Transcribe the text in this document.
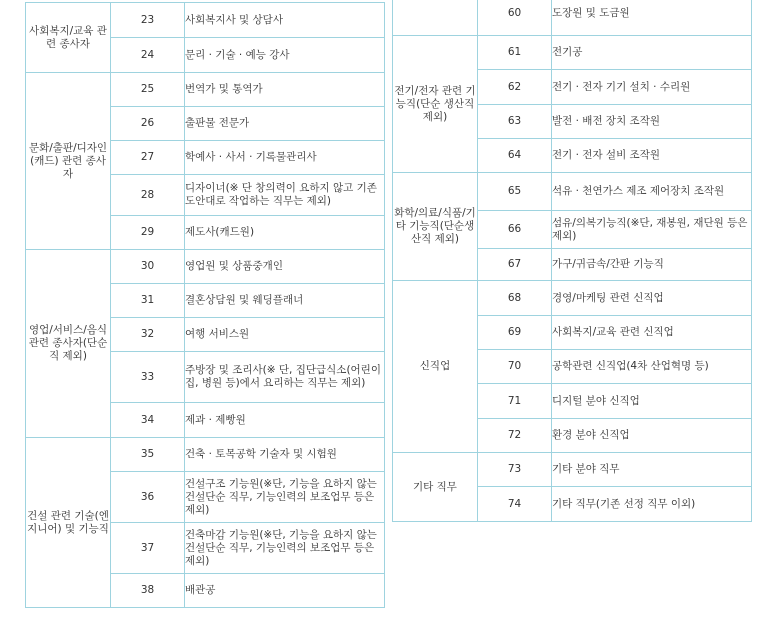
사회복지/교육 관련 종사자	23	사회복지사 및 상담사
	24	문리 · 기술 · 예능 강사
문화/출판/디자인(캐드) 관련 종사자	25	번역가 및 통역가
	26	출판물 전문가
	27	학예사 · 사서 · 기록물관리사
	28	디자이너(※ 단 창의력이 요하지 않고 기존 도안대로 작업하는 직무는 제외)
	29	제도사(캐드원)
영업/서비스/음식 관련 종사자(단순직 제외)	30	영업원 및 상품중개인
	31	결혼상담원 및 웨딩플래너
	32	여행 서비스원
	33	주방장 및 조리사(※ 단, 집단급식소(어린이집, 병원 등)에서 요리하는 직무는 제외)
	34	제과 · 제빵원
건설 관련 기술(엔지니어) 및 기능직	35	건축 · 토목공학 기술자 및 시험원
	36	건설구조 기능원(※단, 기능을 요하지 않는 건설단순 직무, 기능인력의 보조업무 등은 제외)
	37	건축마감 기능원(※단, 기능을 요하지 않는 건설단순 직무, 기능인력의 보조업무 등은 제외)
	38	배관공
	60	도장원 및 도금원
전기/전자 관련 기능직(단순 생산직 제외)	61	전기공
	62	전기 · 전자 기기 설치 · 수리원
	63	발전 · 배전 장치 조작원
	64	전기 · 전자 설비 조작원
화학/의료/식품/기타 기능직(단순생산직 제외)	65	석유 · 천연가스 제조 제어장치 조작원
	66	섬유/의복기능직(※단, 재봉원, 재단원 등은 제외)
	67	가구/귀금속/간판 기능직
신직업	68	경영/마케팅 관련 신직업
	69	사회복지/교육 관련 신직업
	70	공학관련 신직업(4차 산업혁명 등)
	71	디지털 분야 신직업
	72	환경 분야 신직업
기타 직무	73	기타 분야 직무
	74	기타 직무(기존 선정 직무 이외)
